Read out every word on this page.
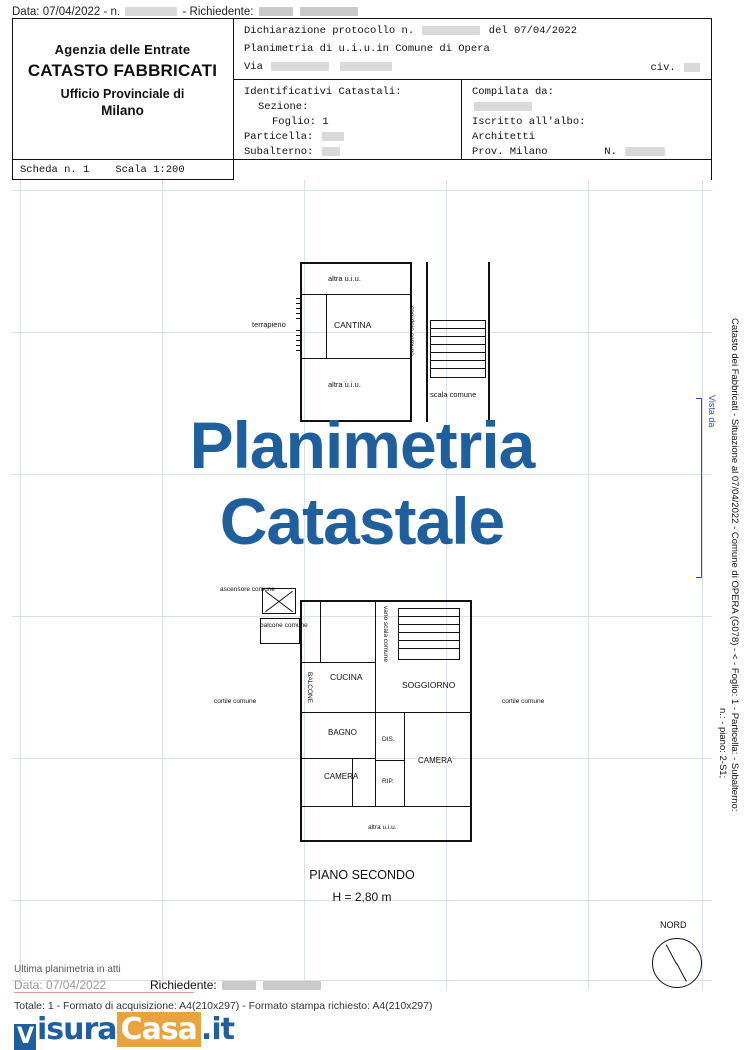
Data: 07/04/2022 - n.	- Richiedente:
Agenzia delle Entrate
CATASTO FABBRICATI
Ufficio Provinciale di
Milano
Dichiarazione protocollo n.	del 07/04/2022
Planimetria di u.i.u.in Comune di Opera
Via	civ.
Identificativi Catastali:
Sezione:
Foglio: 1
Particella:
Subalterno:
Compilata da:
Iscritto all'albo:
Architetti
Prov. Milano	N.
Scheda n. 1 Scala 1:200
altra u.i.u.
terrapieno	CANTINA	corridoio comune
altra u.i.u.
scala comune
Planimetria
Catastale
ascensore comune
balcone comune
cortile comune	BALCONE CUCINA
SOGGIORNO
vano scala comune
cortile comune
BAGNO
DIS.
CAMERA
CAMERA
RIP.
altra u.i.u.
PIANO SECONDO
H = 2,80 m
NORD
Catasto dei Fabbricati - Situazione al 07/04/2022 - Comune di OPERA (G078) - < - Foglio: 1 - Particella: - Subalterno:
n.: - piano: 2-S1;
Vista da
Ultima planimetria in atti
Data: 07/04/2022	Richiedente:
Totale: 1 - Formato di acquisizione: A4(210x297) - Formato stampa richiesto: A4(210x297)
V isura Casa .it
